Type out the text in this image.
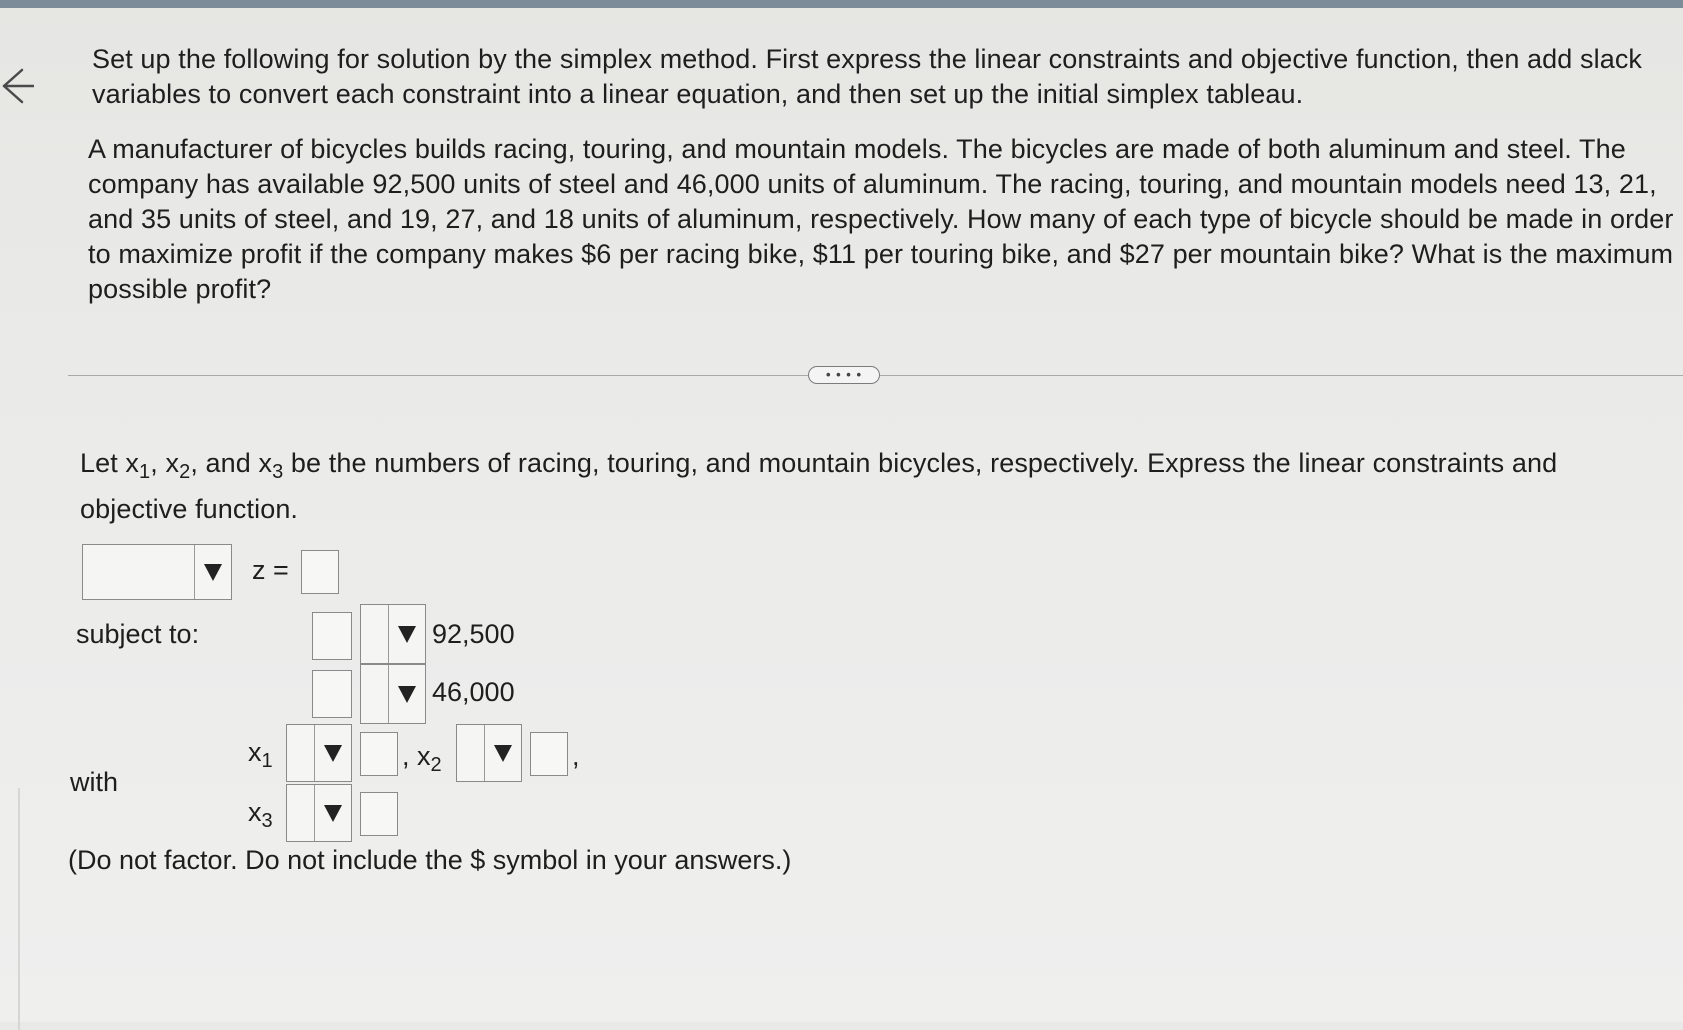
Set up the following for solution by the simplex method. First express the linear constraints and objective function, then add slack variables to convert each constraint into a linear equation, and then set up the initial simplex tableau.
A manufacturer of bicycles builds racing, touring, and mountain models. The bicycles are made of both aluminum and steel. The company has available 92,500 units of steel and 46,000 units of aluminum. The racing, touring, and mountain models need 13, 21, and 35 units of steel, and 19, 27, and 18 units of aluminum, respectively. How many of each type of bicycle should be made in order to maximize profit if the company makes $6 per racing bike, $11 per touring bike, and $27 per mountain bike? What is the maximum possible profit?
• • • •
Let $x_1$, $x_2$, and $x_3$ be the numbers of racing, touring, and mountain bicycles, respectively. Express the linear constraints and objective function.
z =
subject to:	92,500
46,000
with
$x_1$	, $x_2$	,
$x_3$
(Do not factor. Do not include the $ symbol in your answers.)
